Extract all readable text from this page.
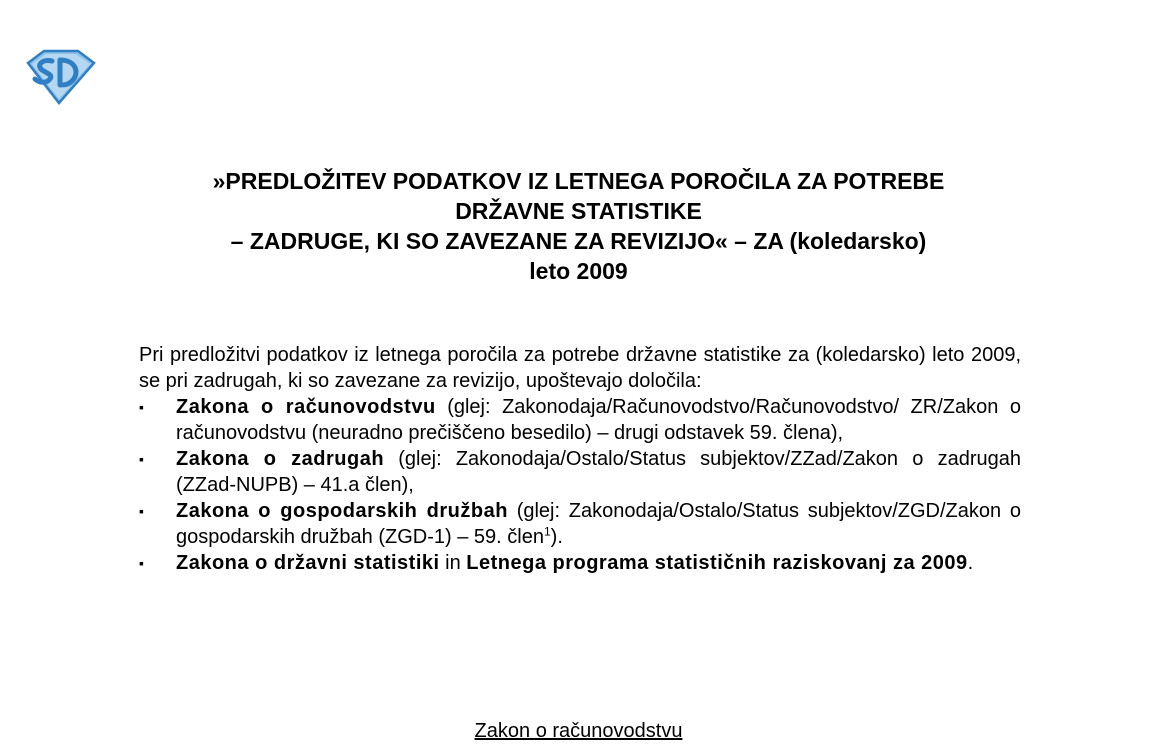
»PREDLOŽITEV PODATKOV IZ LETNEGA POROČILA ZA POTREBE
DRŽAVNE STATISTIKE
– ZADRUGE, KI SO ZAVEZANE ZA REVIZIJO« – ZA (koledarsko)
leto 2009
Pri predložitvi podatkov iz letnega poročila za potrebe državne statistike za (koledarsko) leto 2009, se pri zadrugah, ki so zavezane za revizijo, upoštevajo določila:
▪ Zakona o računovodstvu (glej: Zakonodaja/Računovodstvo/Računovodstvo/ ZR/Zakon o računovodstvu (neuradno prečiščeno besedilo) – drugi odstavek 59. člena),
▪ Zakona o zadrugah (glej: Zakonodaja/Ostalo/Status subjektov/ZZad/Zakon o zadrugah (ZZad-NUPB) – 41.a člen),
▪ Zakona o gospodarskih družbah (glej: Zakonodaja/Ostalo/Status subjektov/ZGD/Zakon o gospodarskih družbah (ZGD-1) – 59. člen$^1$).
▪ Zakona o državni statistiki in Letnega programa statističnih raziskovanj za 2009.
Zakon o računovodstvu
